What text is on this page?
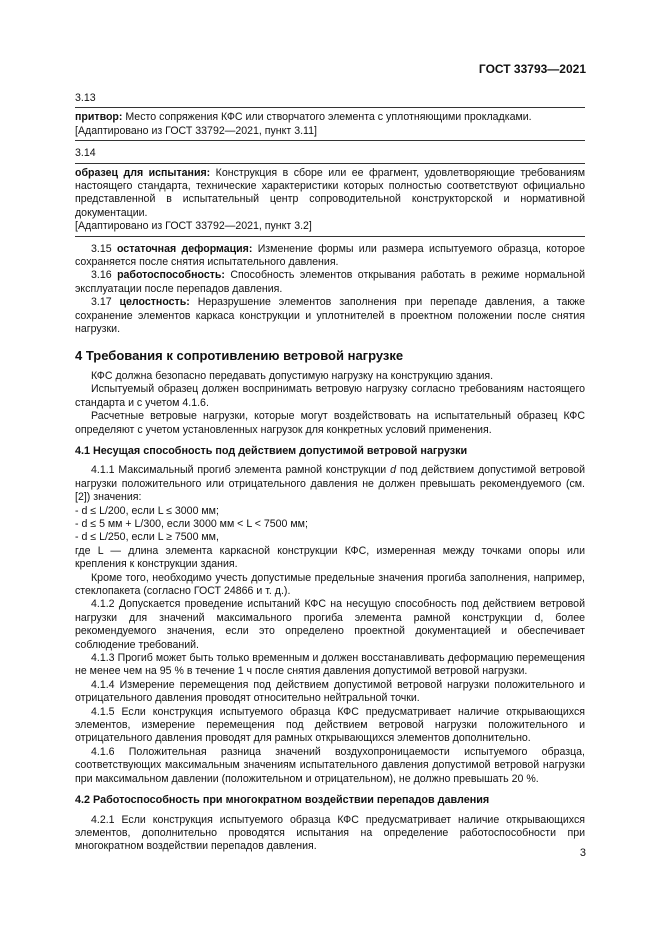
ГОСТ 33793—2021

3.13

притвор: Место сопряжения КФС или створчатого элемента с уплотняющими прокладками.

[Адаптировано из ГОСТ 33792—2021, пункт 3.11]

3.14

образец для испытания: Конструкция в сборе или ее фрагмент, удовлетворяющие требованиям настоящего стандарта, технические характеристики которых полностью соответствуют официально представленной в испытательный центр сопроводительной конструкторской и нормативной документации.

[Адаптировано из ГОСТ 33792—2021, пункт 3.2]

3.15 остаточная деформация: Изменение формы или размера испытуемого образца, которое сохраняется после снятия испытательного давления.

3.16 работоспособность: Способность элементов открывания работать в режиме нормальной эксплуатации после перепадов давления.

3.17 целостность: Неразрушение элементов заполнения при перепаде давления, а также сохранение элементов каркаса конструкции и уплотнителей в проектном положении после снятия нагрузки.

4 Требования к сопротивлению ветровой нагрузке

КФС должна безопасно передавать допустимую нагрузку на конструкцию здания.

Испытуемый образец должен воспринимать ветровую нагрузку согласно требованиям настоящего стандарта и с учетом 4.1.6.

Расчетные ветровые нагрузки, которые могут воздействовать на испытательный образец КФС определяют с учетом установленных нагрузок для конкретных условий применения.

4.1 Несущая способность под действием допустимой ветровой нагрузки

4.1.1 Максимальный прогиб элемента рамной конструкции d под действием допустимой ветровой нагрузки положительного или отрицательного давления не должен превышать рекомендуемого (см. [2]) значения:

- d ≤ L/200, если L ≤ 3000 мм;

- d ≤ 5 мм + L/300, если 3000 мм < L < 7500 мм;

- d ≤ L/250, если L ≥ 7500 мм,

где L — длина элемента каркасной конструкции КФС, измеренная между точками опоры или крепления к конструкции здания.

Кроме того, необходимо учесть допустимые предельные значения прогиба заполнения, например, стеклопакета (согласно ГОСТ 24866 и т. д.).

4.1.2 Допускается проведение испытаний КФС на несущую способность под действием ветровой нагрузки для значений максимального прогиба элемента рамной конструкции d, более рекомендуемого значения, если это определено проектной документацией и обеспечивает соблюдение требований.

4.1.3 Прогиб может быть только временным и должен восстанавливать деформацию перемещения не менее чем на 95 % в течение 1 ч после снятия давления допустимой ветровой нагрузки.

4.1.4 Измерение перемещения под действием допустимой ветровой нагрузки положительного и отрицательного давления проводят относительно нейтральной точки.

4.1.5 Если конструкция испытуемого образца КФС предусматривает наличие открывающихся элементов, измерение перемещения под действием ветровой нагрузки положительного и отрицательного давления проводят для рамных открывающихся элементов дополнительно.

4.1.6 Положительная разница значений воздухопроницаемости испытуемого образца, соответствующих максимальным значениям испытательного давления допустимой ветровой нагрузки при максимальном давлении (положительном и отрицательном), не должно превышать 20 %.

4.2 Работоспособность при многократном воздействии перепадов давления

4.2.1 Если конструкция испытуемого образца КФС предусматривает наличие открывающихся элементов, дополнительно проводятся испытания на определение работоспособности при многократном воздействии перепадов давления.

3
